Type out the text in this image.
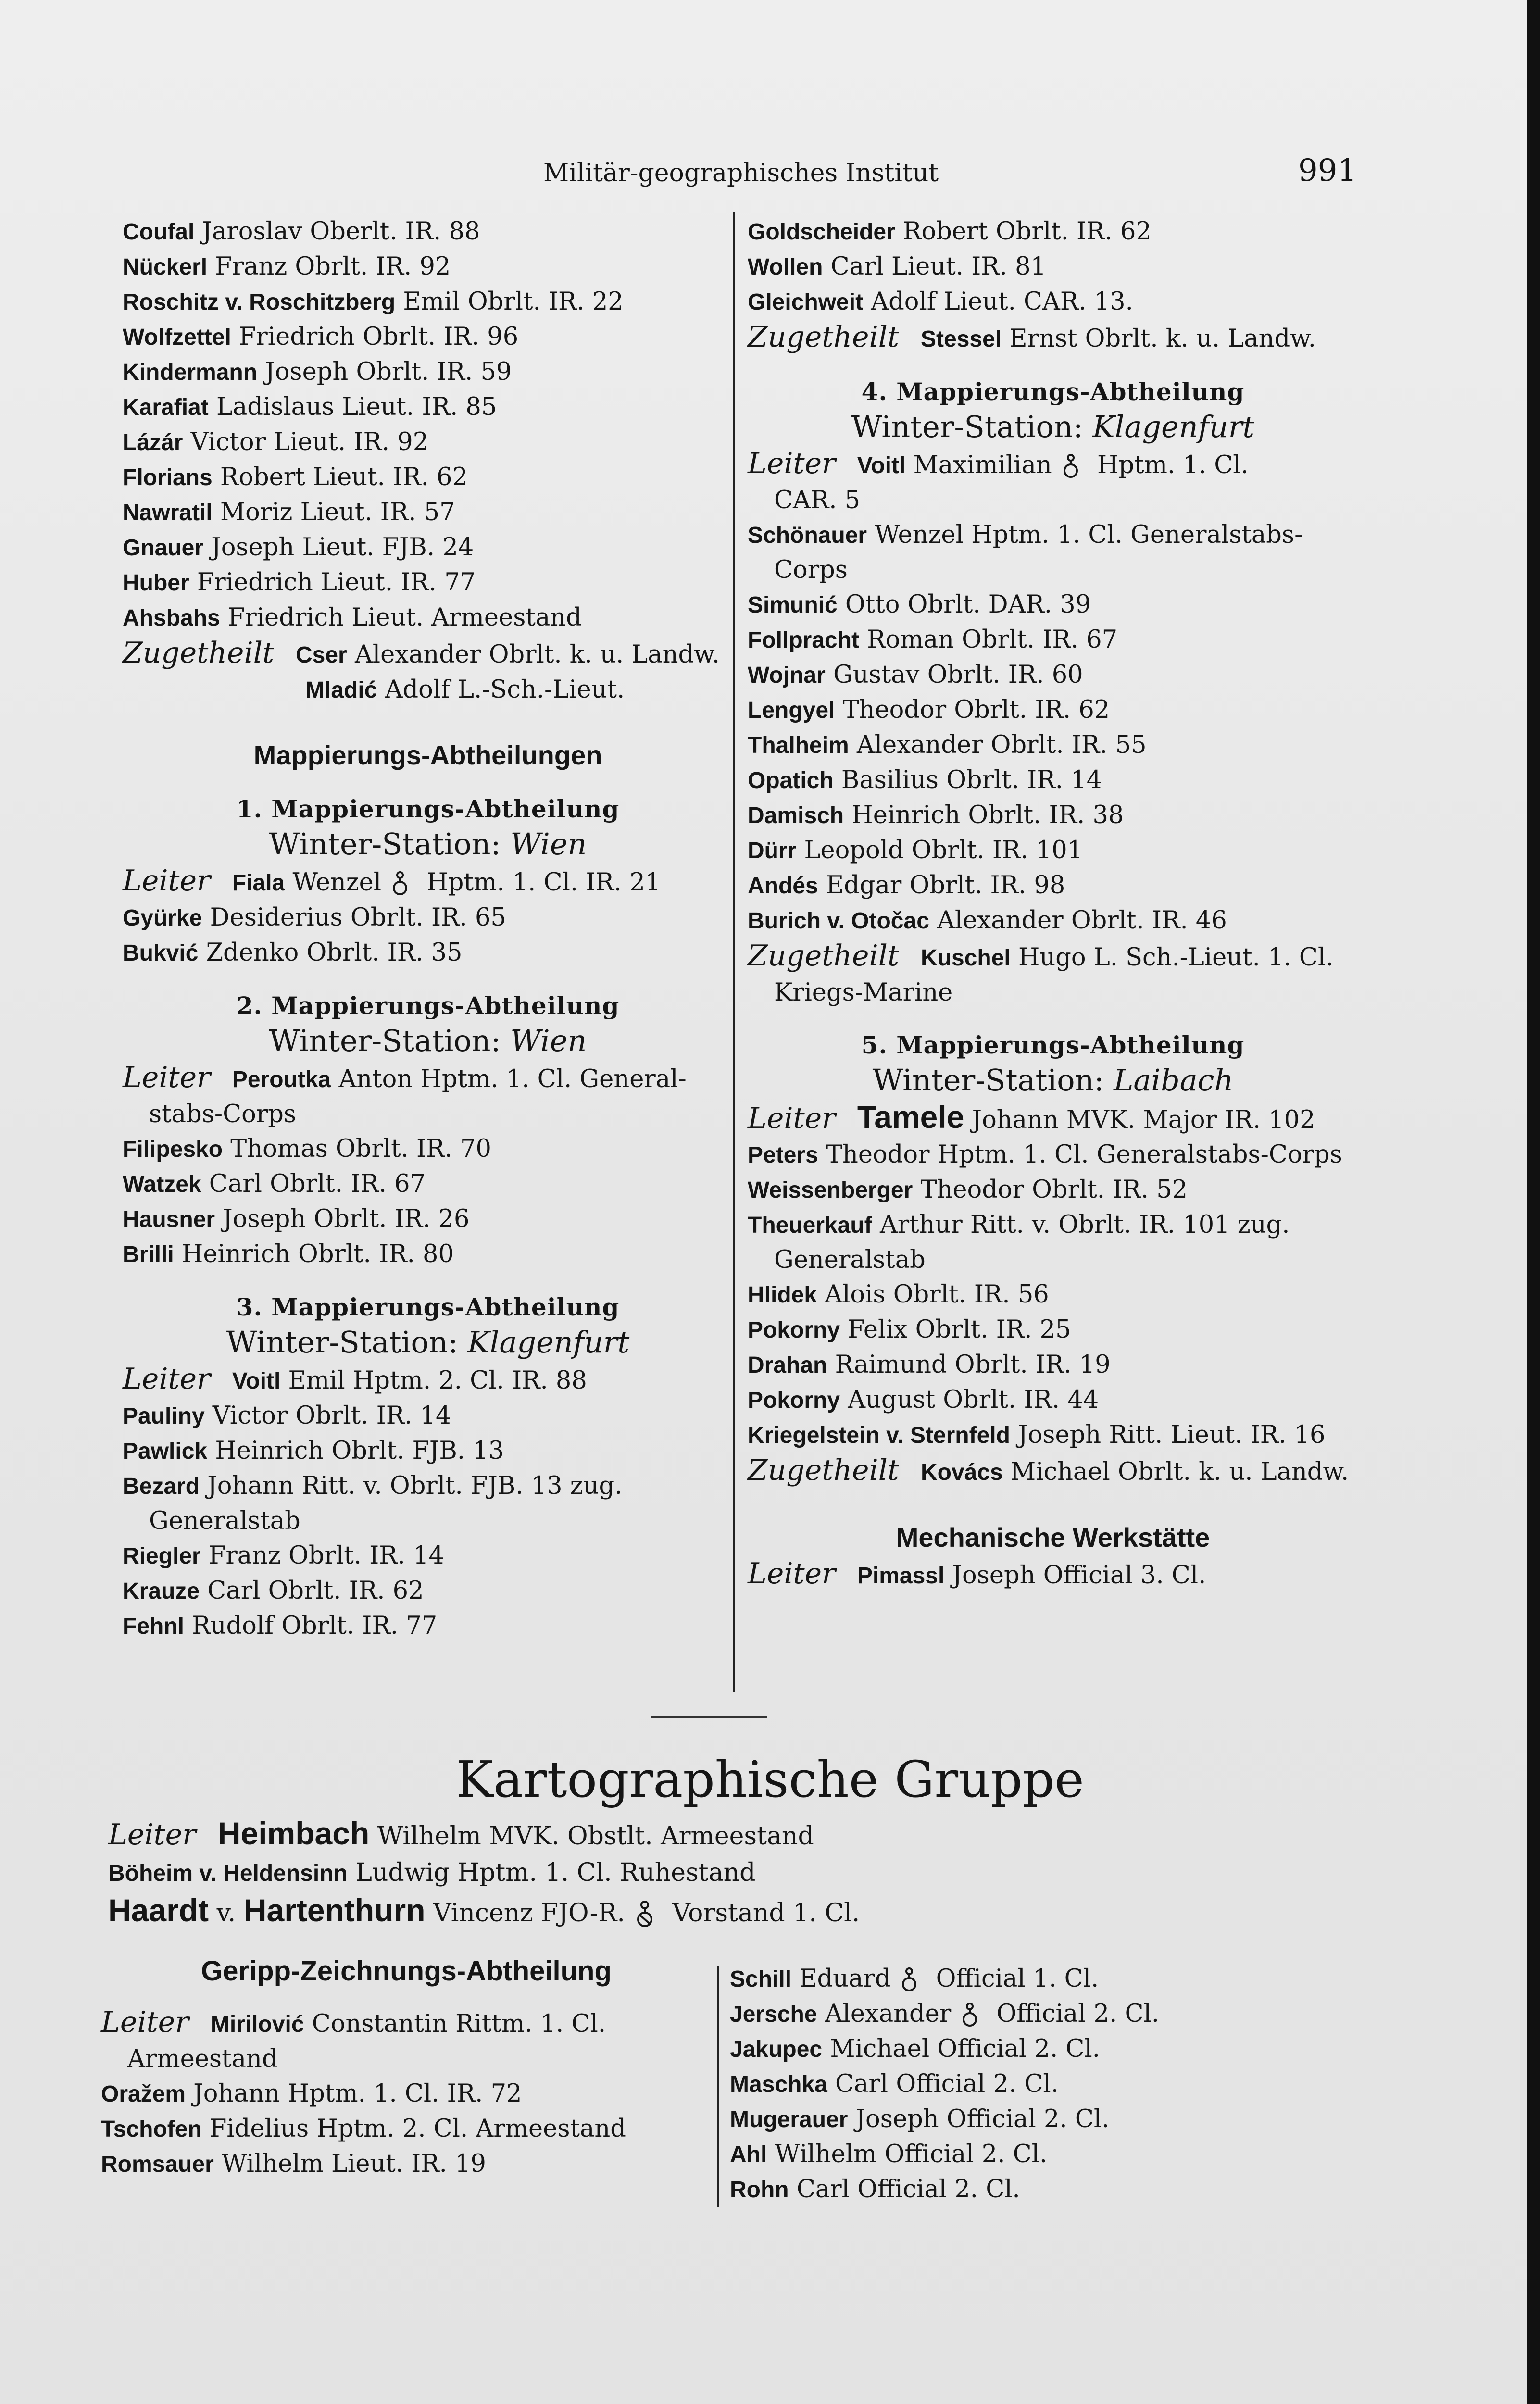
Militär-geographisches Institut	991
Coufal Jaroslav Oberlt. IR. 88
Nückerl Franz Obrlt. IR. 92
Roschitz v. Roschitzberg Emil Obrlt. IR. 22
Wolfzettel Friedrich Obrlt. IR. 96
Kindermann Joseph Obrlt. IR. 59
Karafiat Ladislaus Lieut. IR. 85
Lázár Victor Lieut. IR. 92
Florians Robert Lieut. IR. 62
Nawratil Moriz Lieut. IR. 57
Gnauer Joseph Lieut. FJB. 24
Huber Friedrich Lieut. IR. 77
Ahsbahs Friedrich Lieut. Armeestand
Zugetheilt Cser Alexander Obrlt. k. u. Landw.
Mladić Adolf L.-Sch.-Lieut.
Mappierungs-Abtheilungen
1. Mappierungs-Abtheilung
Winter-Station: Wien
Leiter Fiala Wenzel Hptm. 1. Cl. IR. 21
Gyürke Desiderius Obrlt. IR. 65
Bukvić Zdenko Obrlt. IR. 35
2. Mappierungs-Abtheilung
Winter-Station: Wien
Leiter Peroutka Anton Hptm. 1. Cl. General-
stabs-Corps
Filipesko Thomas Obrlt. IR. 70
Watzek Carl Obrlt. IR. 67
Hausner Joseph Obrlt. IR. 26
Brilli Heinrich Obrlt. IR. 80
3. Mappierungs-Abtheilung
Winter-Station: Klagenfurt
Leiter Voitl Emil Hptm. 2. Cl. IR. 88
Pauliny Victor Obrlt. IR. 14
Pawlick Heinrich Obrlt. FJB. 13
Bezard Johann Ritt. v. Obrlt. FJB. 13 zug.
Generalstab
Riegler Franz Obrlt. IR. 14
Krauze Carl Obrlt. IR. 62
Fehnl Rudolf Obrlt. IR. 77
Goldscheider Robert Obrlt. IR. 62
Wollen Carl Lieut. IR. 81
Gleichweit Adolf Lieut. CAR. 13.
Zugetheilt Stessel Ernst Obrlt. k. u. Landw.
4. Mappierungs-Abtheilung
Winter-Station: Klagenfurt
Leiter Voitl Maximilian Hptm. 1. Cl.
CAR. 5
Schönauer Wenzel Hptm. 1. Cl. Generalstabs-
Corps
Simunić Otto Obrlt. DAR. 39
Follpracht Roman Obrlt. IR. 67
Wojnar Gustav Obrlt. IR. 60
Lengyel Theodor Obrlt. IR. 62
Thalheim Alexander Obrlt. IR. 55
Opatich Basilius Obrlt. IR. 14
Damisch Heinrich Obrlt. IR. 38
Dürr Leopold Obrlt. IR. 101
Andés Edgar Obrlt. IR. 98
Burich v. Otočac Alexander Obrlt. IR. 46
Zugetheilt Kuschel Hugo L. Sch.-Lieut. 1. Cl.
Kriegs-Marine
5. Mappierungs-Abtheilung
Winter-Station: Laibach
Leiter Tamele Johann MVK. Major IR. 102
Peters Theodor Hptm. 1. Cl. Generalstabs-Corps
Weissenberger Theodor Obrlt. IR. 52
Theuerkauf Arthur Ritt. v. Obrlt. IR. 101 zug.
Generalstab
Hlidek Alois Obrlt. IR. 56
Pokorny Felix Obrlt. IR. 25
Drahan Raimund Obrlt. IR. 19
Pokorny August Obrlt. IR. 44
Kriegelstein v. Sternfeld Joseph Ritt. Lieut. IR. 16
Zugetheilt Kovács Michael Obrlt. k. u. Landw.
Mechanische Werkstätte
Leiter Pimassl Joseph Official 3. Cl.
Kartographische Gruppe
Leiter Heimbach Wilhelm MVK. Obstlt. Armeestand
Böheim v. Heldensinn Ludwig Hptm. 1. Cl. Ruhestand
Haardt v. Hartenthurn Vincenz FJO-R. Vorstand 1. Cl.
Geripp-Zeichnungs-Abtheilung
Leiter Mirilović Constantin Rittm. 1. Cl.
Armeestand
Oražem Johann Hptm. 1. Cl. IR. 72
Tschofen Fidelius Hptm. 2. Cl. Armeestand
Romsauer Wilhelm Lieut. IR. 19
Schill Eduard Official 1. Cl.
Jersche Alexander Official 2. Cl.
Jakupec Michael Official 2. Cl.
Maschka Carl Official 2. Cl.
Mugerauer Joseph Official 2. Cl.
Ahl Wilhelm Official 2. Cl.
Rohn Carl Official 2. Cl.
